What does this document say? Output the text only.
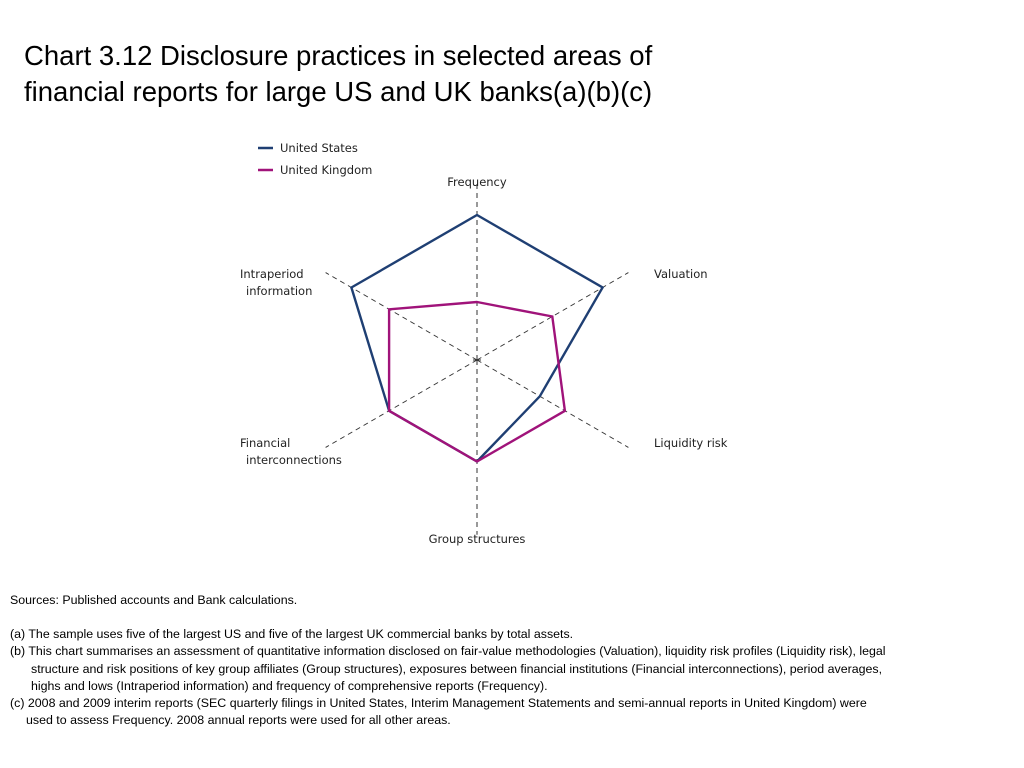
Chart 3.12 Disclosure practices in selected areas of
financial reports for large US and UK banks(a)(b)(c)
United States
United Kingdom
Frequency
Valuation
Liquidity risk
Group structures
Financial
interconnections
Intraperiod
information
Sources: Published accounts and Bank calculations.
(a) The sample uses five of the largest US and five of the largest UK commercial banks by total assets.
(b) This chart summarises an assessment of quantitative information disclosed on fair-value methodologies (Valuation), liquidity risk profiles (Liquidity risk), legal
structure and risk positions of key group affiliates (Group structures), exposures between financial institutions (Financial interconnections), period averages,
highs and lows (Intraperiod information) and frequency of comprehensive reports (Frequency).
(c) 2008 and 2009 interim reports (SEC quarterly filings in United States, Interim Management Statements and semi-annual reports in United Kingdom) were
used to assess Frequency. 2008 annual reports were used for all other areas.
